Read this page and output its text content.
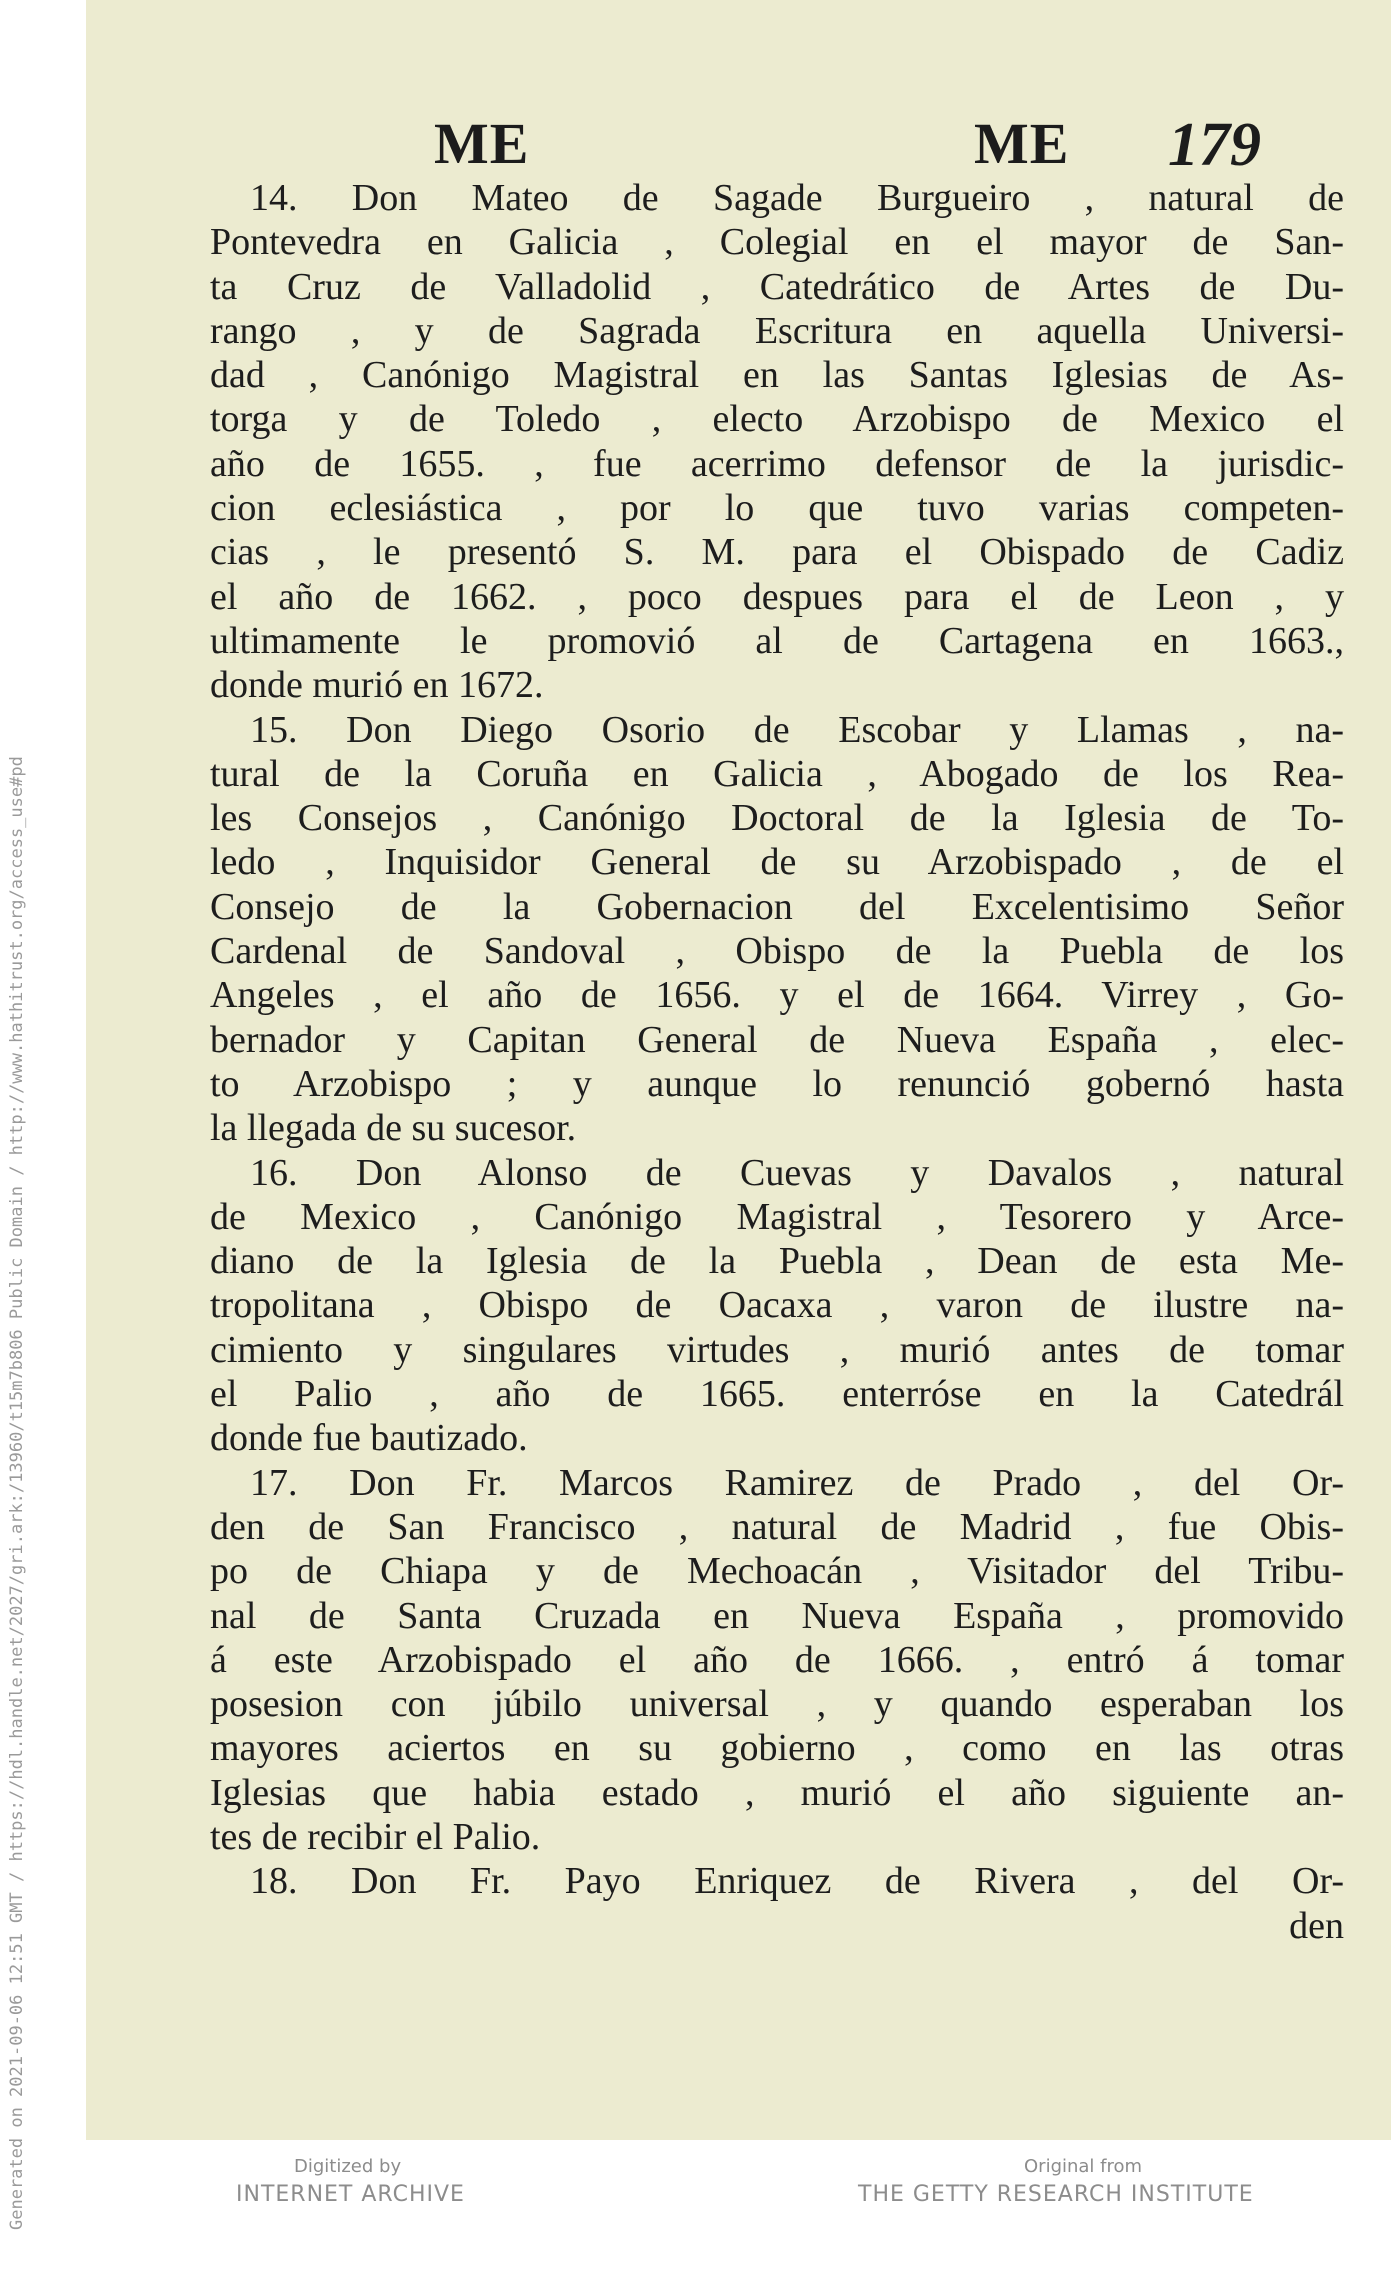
ME	ME 179
14. Don Mateo de Sagade Burgueiro , natural de
Pontevedra en Galicia , Colegial en el mayor de San-
ta Cruz de Valladolid , Catedrático de Artes de Du-
rango , y de Sagrada Escritura en aquella Universi-
dad , Canónigo Magistral en las Santas Iglesias de As-
torga y de Toledo , electo Arzobispo de Mexico el
año de 1655. , fue acerrimo defensor de la jurisdic-
cion eclesiástica , por lo que tuvo varias competen-
cias , le presentó S. M. para el Obispado de Cadiz
el año de 1662. , poco despues para el de Leon , y
ultimamente le promovió al de Cartagena en 1663.,
donde murió en 1672.
15. Don Diego Osorio de Escobar y Llamas , na-
tural de la Coruña en Galicia , Abogado de los Rea-
les Consejos , Canónigo Doctoral de la Iglesia de To-
ledo , Inquisidor General de su Arzobispado , de el
Consejo de la Gobernacion del Excelentisimo Señor
Cardenal de Sandoval , Obispo de la Puebla de los
Angeles , el año de 1656. y el de 1664. Virrey , Go-
bernador y Capitan General de Nueva España , elec-
to Arzobispo ; y aunque lo renunció gobernó hasta
la llegada de su sucesor.
16. Don Alonso de Cuevas y Davalos , natural
de Mexico , Canónigo Magistral , Tesorero y Arce-
diano de la Iglesia de la Puebla , Dean de esta Me-
tropolitana , Obispo de Oacaxa , varon de ilustre na-
cimiento y singulares virtudes , murió antes de tomar
el Palio , año de 1665. enterróse en la Catedrál
donde fue bautizado.
17. Don Fr. Marcos Ramirez de Prado , del Or-
den de San Francisco , natural de Madrid , fue Obis-
po de Chiapa y de Mechoacán , Visitador del Tribu-
nal de Santa Cruzada en Nueva España , promovido
á este Arzobispado el año de 1666. , entró á tomar
posesion con júbilo universal , y quando esperaban los
mayores aciertos en su gobierno , como en las otras
Iglesias que habia estado , murió el año siguiente an-
tes de recibir el Palio.
18. Don Fr. Payo Enriquez de Rivera , del Or-
den
Generated on 2021-09-06 12:51 GMT / https://hdl.handle.net/2027/gri.ark:/13960/t15m7b806 Public Domain / http://www.hathitrust.org/access_use#pd	Digitized by
INTERNET ARCHIVE
Original from
THE GETTY RESEARCH INSTITUTE
